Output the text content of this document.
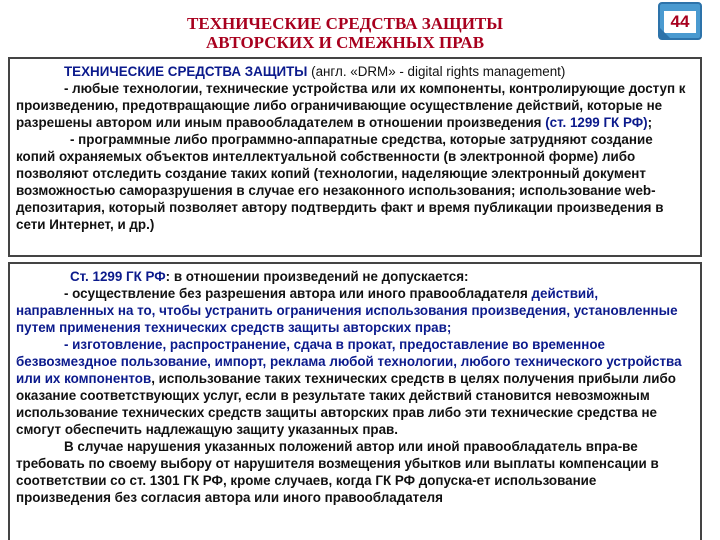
ТЕХНИЧЕСКИЕ СРЕДСТВА ЗАЩИТЫ
АВТОРСКИХ И СМЕЖНЫХ ПРАВ
44

ТЕХНИЧЕСКИЕ СРЕДСТВА ЗАЩИТЫ (англ. «DRM» - digital rights management)

- любые технологии, технические устройства или их компоненты, контролирующие доступ к произведению, предотвращающие либо ограничивающие осуществление действий, которые не разрешены автором или иным правообладателем в отношении произведения (ст. 1299 ГК РФ);

- программные либо программно-аппаратные средства, которые затрудняют создание копий охраняемых объектов интеллектуальной собственности (в электронной форме) либо позволяют отследить создание таких копий (технологии, наделяющие электронный документ возможностью саморазрушения в случае его незаконного использования; использование web-депозитария, который позволяет автору подтвердить факт и время публикации произведения в сети Интернет, и др.)

Ст. 1299 ГК РФ: в отношении произведений не допускается:

- осуществление без разрешения автора или иного правообладателя действий, направленных на то, чтобы устранить ограничения использования произведения, установленные путем применения технических средств защиты авторских прав;

- изготовление, распространение, сдача в прокат, предоставление во временное безвозмездное пользование, импорт, реклама любой технологии, любого технического устройства или их компонентов, использование таких технических средств в целях получения прибыли либо оказание соответствующих услуг, если в результате таких действий становится невозможным использование технических средств защиты авторских прав либо эти технические средства не смогут обеспечить надлежащую защиту указанных прав.

В случае нарушения указанных положений автор или иной правообладатель впра-ве требовать по своему выбору от нарушителя возмещения убытков или выплаты компенсации в соответствии со ст. 1301 ГК РФ, кроме случаев, когда ГК РФ допуска-ет использование произведения без согласия автора или иного правообладателя
